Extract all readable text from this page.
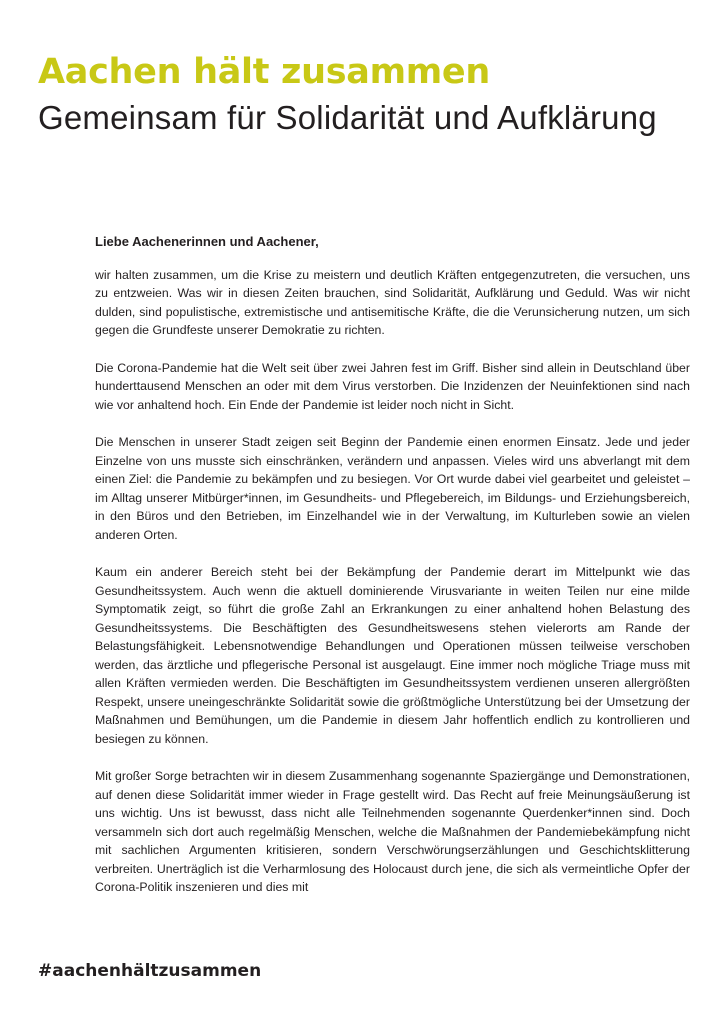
Aachen hält zusammen
Gemeinsam für Solidarität und Aufklärung

Liebe Aachenerinnen und Aachener,

wir halten zusammen, um die Krise zu meistern und deutlich Kräften entgegenzutreten, die versuchen, uns zu entzweien. Was wir in diesen Zeiten brauchen, sind Solidarität, Aufklärung und Geduld. Was wir nicht dulden, sind populistische, extremistische und antisemitische Kräfte, die die Verunsicherung nutzen, um sich gegen die Grundfeste unserer Demokratie zu richten.

Die Corona-Pandemie hat die Welt seit über zwei Jahren fest im Griff. Bisher sind allein in Deutschland über hunderttausend Menschen an oder mit dem Virus verstorben. Die Inzidenzen der Neuinfektionen sind nach wie vor anhaltend hoch. Ein Ende der Pandemie ist leider noch nicht in Sicht.

Die Menschen in unserer Stadt zeigen seit Beginn der Pandemie einen enormen Einsatz. Jede und jeder Einzelne von uns musste sich einschränken, verändern und anpassen. Vieles wird uns abverlangt mit dem einen Ziel: die Pandemie zu bekämpfen und zu besiegen. Vor Ort wurde dabei viel gearbeitet und geleistet – im Alltag unserer Mitbürger*innen, im Gesundheits- und Pflegebereich, im Bildungs- und Erziehungsbereich, in den Büros und den Betrieben, im Einzelhandel wie in der Verwaltung, im Kulturleben sowie an vielen anderen Orten.

Kaum ein anderer Bereich steht bei der Bekämpfung der Pandemie derart im Mittelpunkt wie das Gesundheitssystem. Auch wenn die aktuell dominierende Virusvariante in weiten Teilen nur eine milde Symptomatik zeigt, so führt die große Zahl an Erkrankungen zu einer anhaltend hohen Belastung des Gesundheitssystems. Die Beschäftigten des Gesundheitswesens stehen vielerorts am Rande der Belastungsfähigkeit. Lebensnotwendige Behandlungen und Operationen müssen teilweise verschoben werden, das ärztliche und pflegerische Personal ist ausgelaugt. Eine immer noch mögliche Triage muss mit allen Kräften vermieden werden. Die Beschäftigten im Gesundheitssystem verdienen unseren allergrößten Respekt, unsere uneingeschränkte Solidarität sowie die größtmögliche Unterstützung bei der Umsetzung der Maßnahmen und Bemühungen, um die Pandemie in diesem Jahr hoffentlich endlich zu kontrollieren und besiegen zu können.

Mit großer Sorge betrachten wir in diesem Zusammenhang sogenannte Spaziergänge und Demonstrationen, auf denen diese Solidarität immer wieder in Frage gestellt wird. Das Recht auf freie Meinungsäußerung ist uns wichtig. Uns ist bewusst, dass nicht alle Teilnehmenden sogenannte Querdenker*innen sind. Doch versammeln sich dort auch regelmäßig Menschen, welche die Maßnahmen der Pandemiebekämpfung nicht mit sachlichen Argumenten kritisieren, sondern Verschwörungserzählungen und Geschichtsklitterung verbreiten. Unerträglich ist die Verharmlosung des Holocaust durch jene, die sich als vermeintliche Opfer der Corona-Politik inszenieren und dies mit

#aachenhältzusammen
